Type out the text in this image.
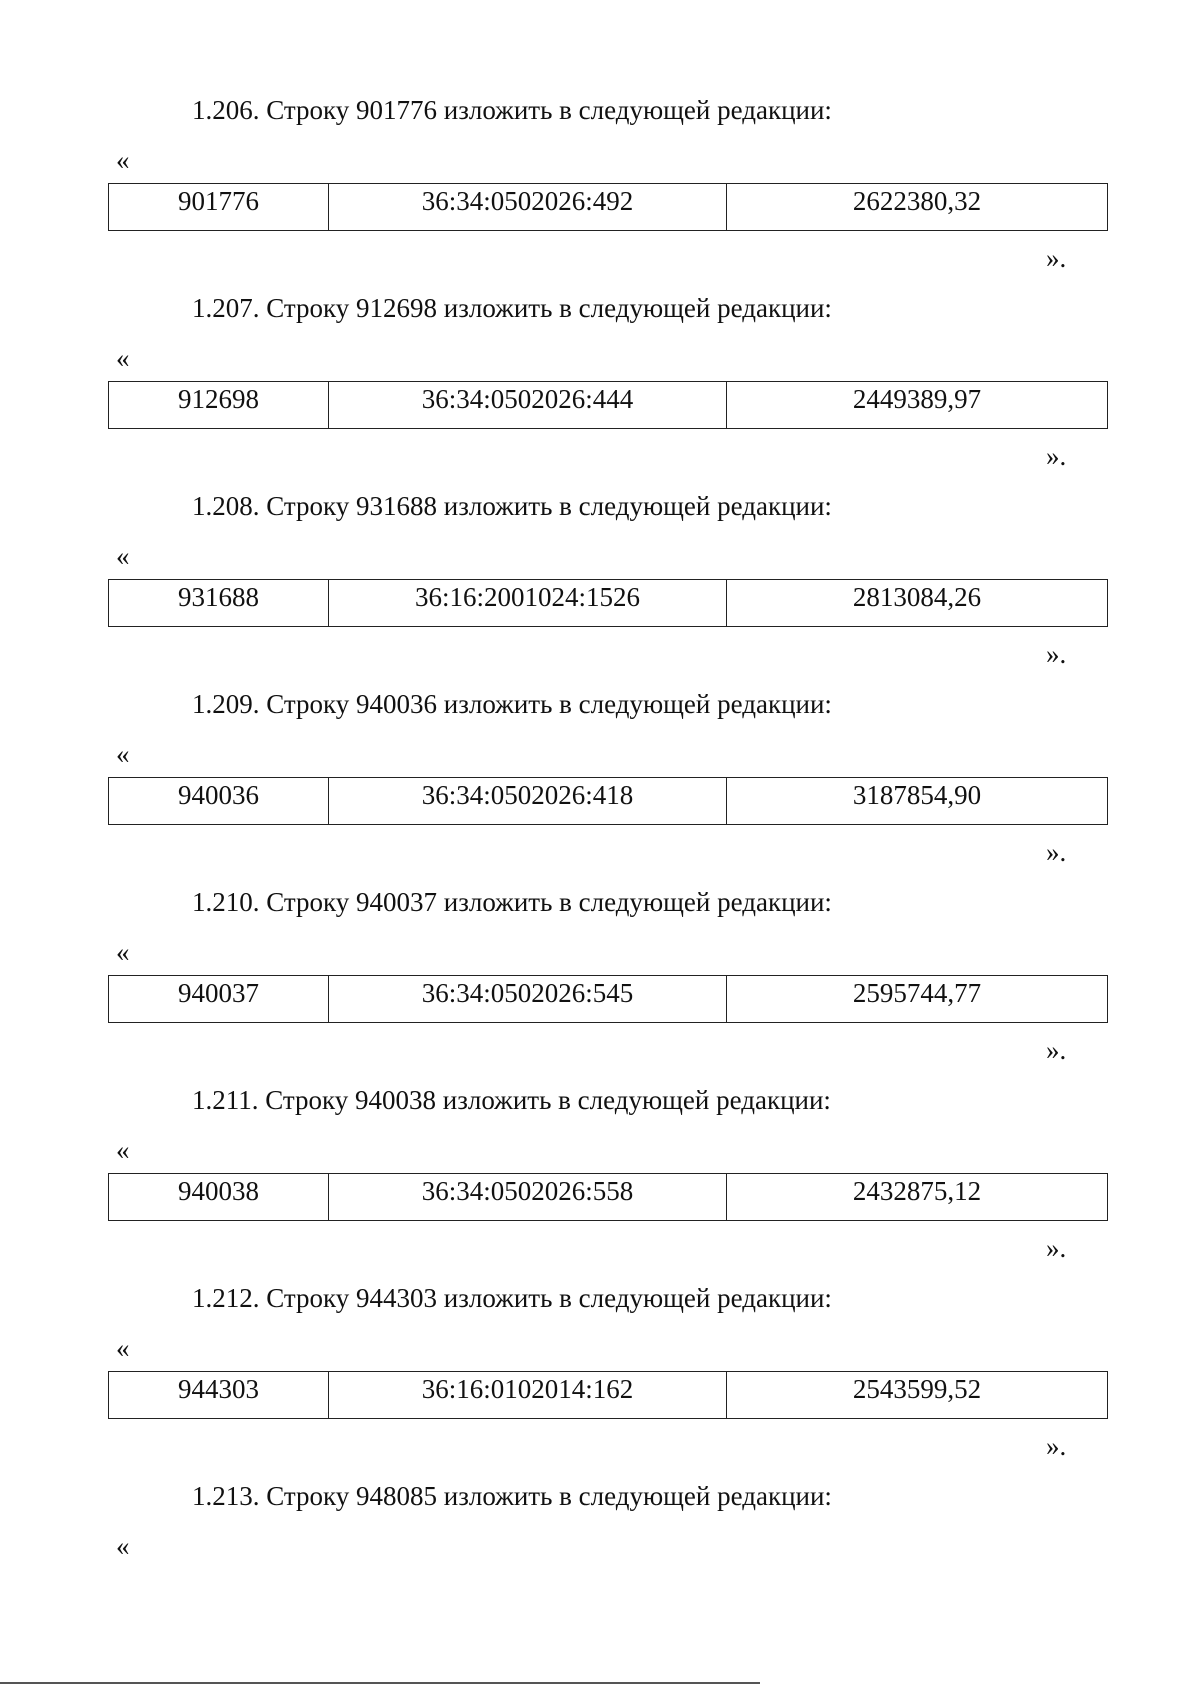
1.206. Строку 901776 изложить в следующей редакции:
«
901776	36:34:0502026:492	2622380,32
».
1.207. Строку 912698 изложить в следующей редакции:
«
912698	36:34:0502026:444	2449389,97
».
1.208. Строку 931688 изложить в следующей редакции:
«
931688	36:16:2001024:1526	2813084,26
».
1.209. Строку 940036 изложить в следующей редакции:
«
940036	36:34:0502026:418	3187854,90
».
1.210. Строку 940037 изложить в следующей редакции:
«
940037	36:34:0502026:545	2595744,77
».
1.211. Строку 940038 изложить в следующей редакции:
«
940038	36:34:0502026:558	2432875,12
».
1.212. Строку 944303 изложить в следующей редакции:
«
944303	36:16:0102014:162	2543599,52
».
1.213. Строку 948085 изложить в следующей редакции:
«
